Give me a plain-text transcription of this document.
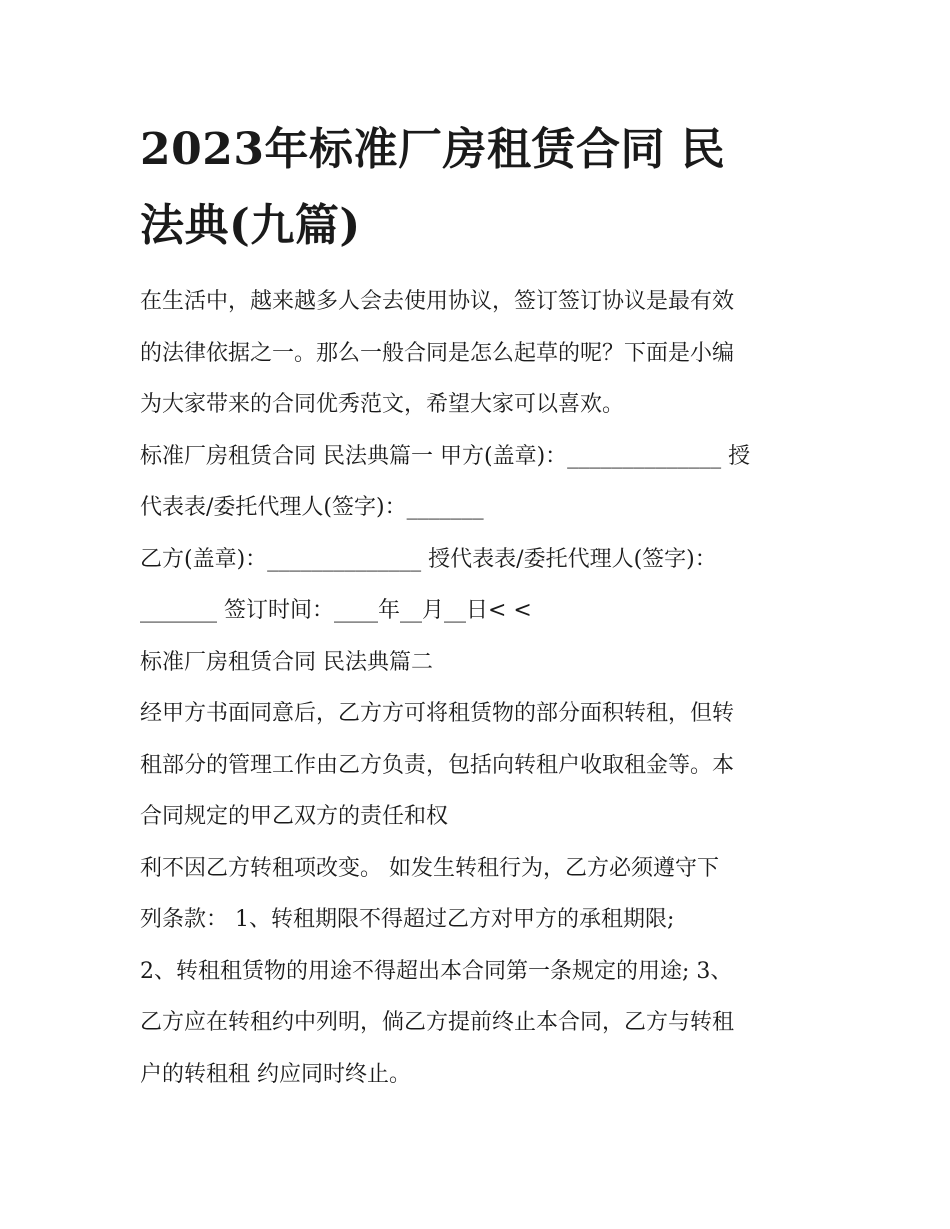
2023年标准厂房租赁合同 民
法典(九篇)
在生活中，越来越多人会去使用协议，签订签订协议是最有效
的法律依据之一。那么一般合同是怎么起草的呢？下面是小编
为大家带来的合同优秀范文，希望大家可以喜欢。
标准厂房租赁合同 民法典篇一 甲方(盖章)：______________ 授
代表表/委托代理人(签字)：_______
乙方(盖章)：______________ 授代表表/委托代理人(签字)：
_______ 签订时间：____年__月__日< <
标准厂房租赁合同 民法典篇二
经甲方书面同意后，乙方方可将租赁物的部分面积转租，但转
租部分的管理工作由乙方负责，包括向转租户收取租金等。本
合同规定的甲乙双方的责任和权
利不因乙方转租项改变。 如发生转租行为，乙方必须遵守下
列条款： 1、转租期限不得超过乙方对甲方的承租期限;
2、转租租赁物的用途不得超出本合同第一条规定的用途; 3、
乙方应在转租约中列明，倘乙方提前终止本合同，乙方与转租
户的转租租 约应同时终止。
